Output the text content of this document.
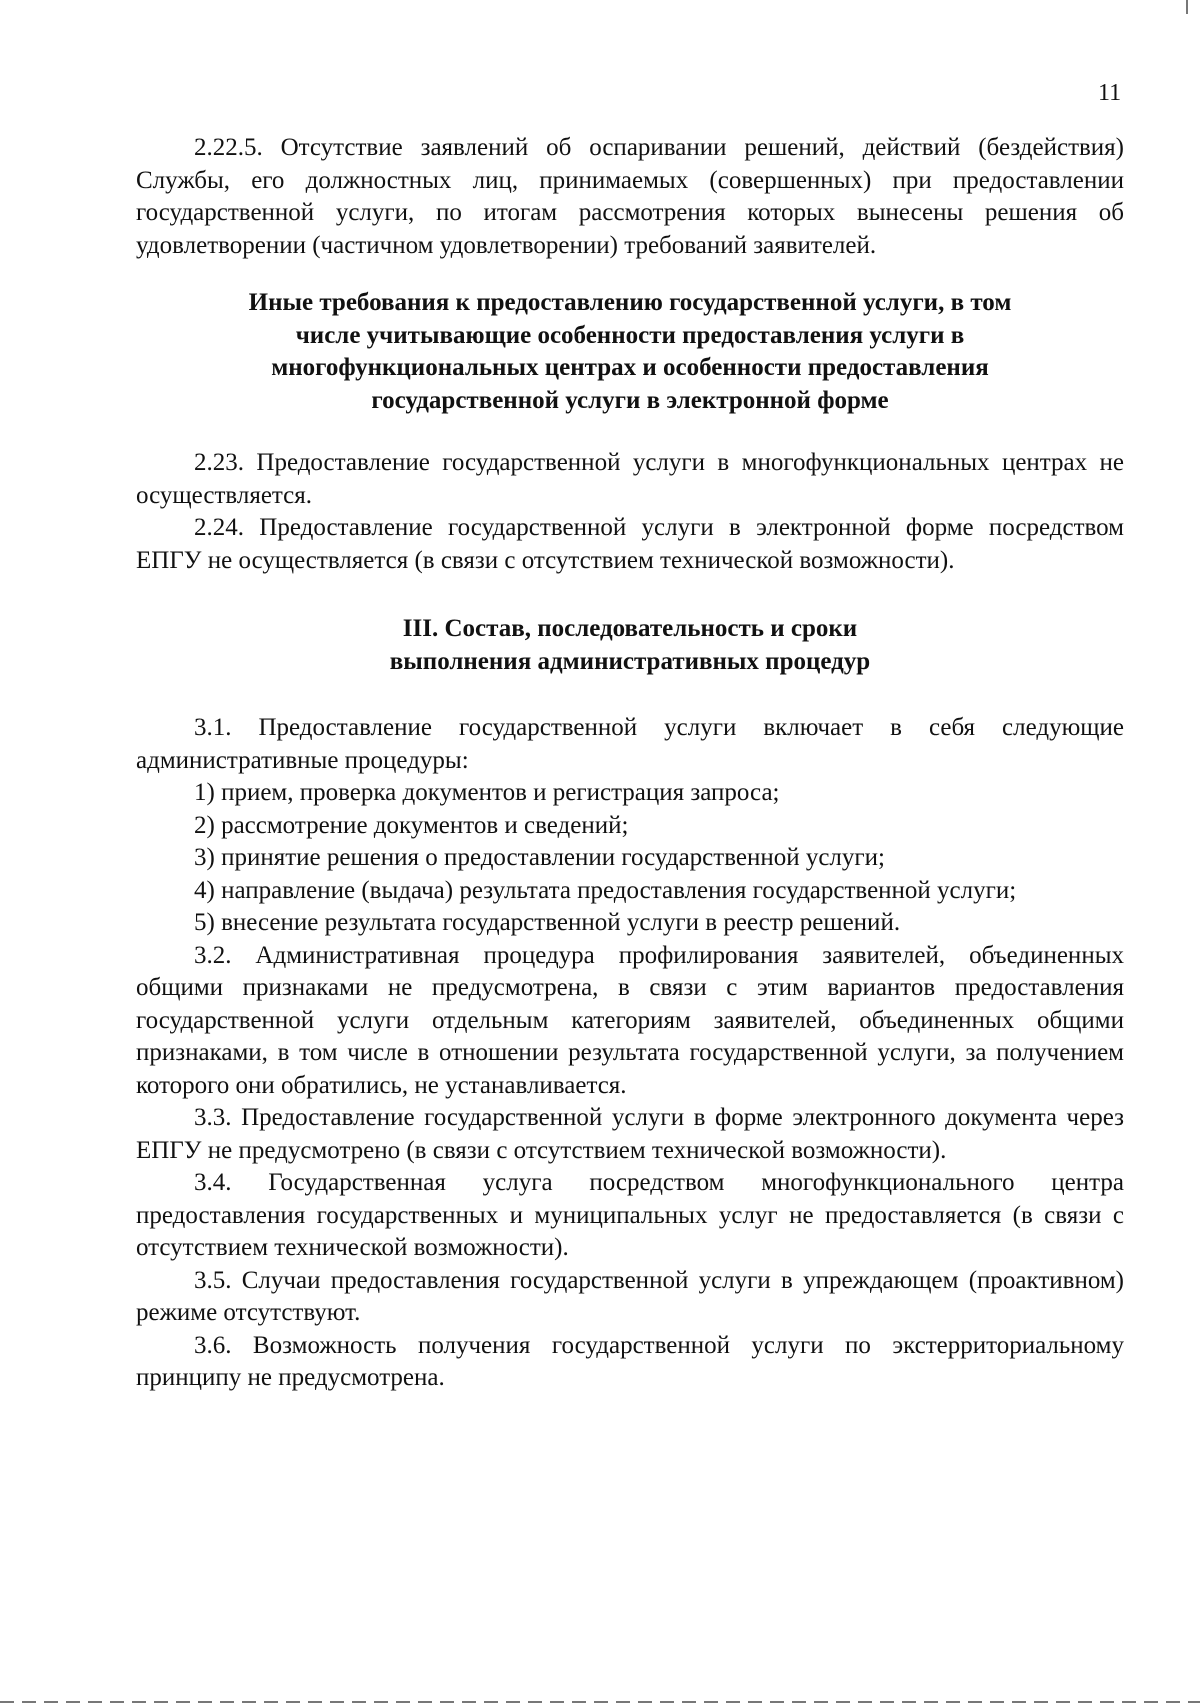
11

2.22.5. Отсутствие заявлений об оспаривании решений, действий (бездействия) Службы, его должностных лиц, принимаемых (совершенных) при предоставлении государственной услуги, по итогам рассмотрения которых вынесены решения об удовлетворении (частичном удовлетворении) требований заявителей.

Иные требования к предоставлению государственной услуги, в том
числе учитывающие особенности предоставления услуги в
многофункциональных центрах и особенности предоставления
государственной услуги в электронной форме

2.23. Предоставление государственной услуги в многофункциональных центрах не осуществляется.

2.24. Предоставление государственной услуги в электронной форме посредством ЕПГУ не осуществляется (в связи с отсутствием технической возможности).

III. Состав, последовательность и сроки
выполнения административных процедур

3.1. Предоставление государственной услуги включает в себя следующие административные процедуры:

1) прием, проверка документов и регистрация запроса;

2) рассмотрение документов и сведений;

3) принятие решения о предоставлении государственной услуги;

4) направление (выдача) результата предоставления государственной услуги;

5) внесение результата государственной услуги в реестр решений.

3.2. Административная процедура профилирования заявителей, объединенных общими признаками не предусмотрена, в связи с этим вариантов предоставления государственной услуги отдельным категориям заявителей, объединенных общими признаками, в том числе в отношении результата государственной услуги, за получением которого они обратились, не устанавливается.

3.3. Предоставление государственной услуги в форме электронного документа через ЕПГУ не предусмотрено (в связи с отсутствием технической возможности).

3.4. Государственная услуга посредством многофункционального центра предоставления государственных и муниципальных услуг не предоставляется (в связи с отсутствием технической возможности).

3.5. Случаи предоставления государственной услуги в упреждающем (проактивном) режиме отсутствуют.

3.6. Возможность получения государственной услуги по экстерриториальному принципу не предусмотрена.
